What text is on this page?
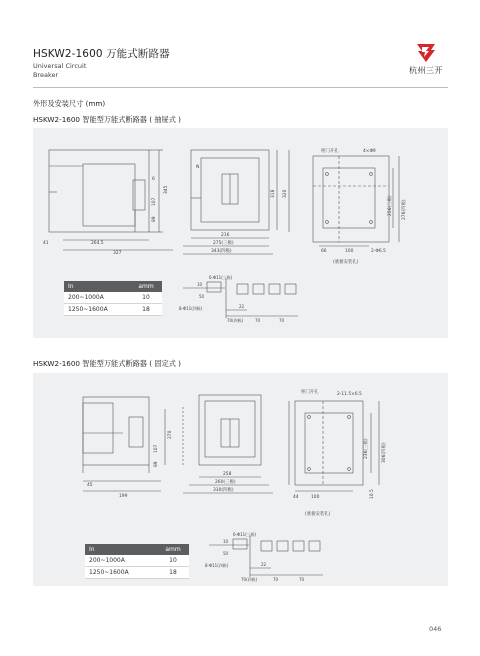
HSKW2-1600 万能式断路器
Universal Circuit
Breaker	杭州三开
外形及安装尺寸 (mm)
HSKW2-1600 智能型万能式断路器 ( 抽屉式 )
41	264.5
327
345
107
89
6
N
216
275(三极)
343(四极)
318 320
柜门开孔	4×Φ9
66	100	2-Φ6.5
256(三极)	276(四极)
(底板安装孔)
6-Φ11(三极)
8-Φ11(四极)
10
50
22
70(四极)	70	70
In	amm
200~1000A	10
1250~1600A	18
HSKW2-1600 智能型万能式断路器 ( 固定式 )
45
199
270
107
89
258
260(三极)
330(四极)
柜门开孔	2-11.5×6.5
44	100
236(三极)	306(四极)
10.5
(底板安装孔)
6-Φ11(三极)
8-Φ11(四极)
10
50
22
70(四极)	70	70
In	amm
200~1000A	10
1250~1600A	18
046
